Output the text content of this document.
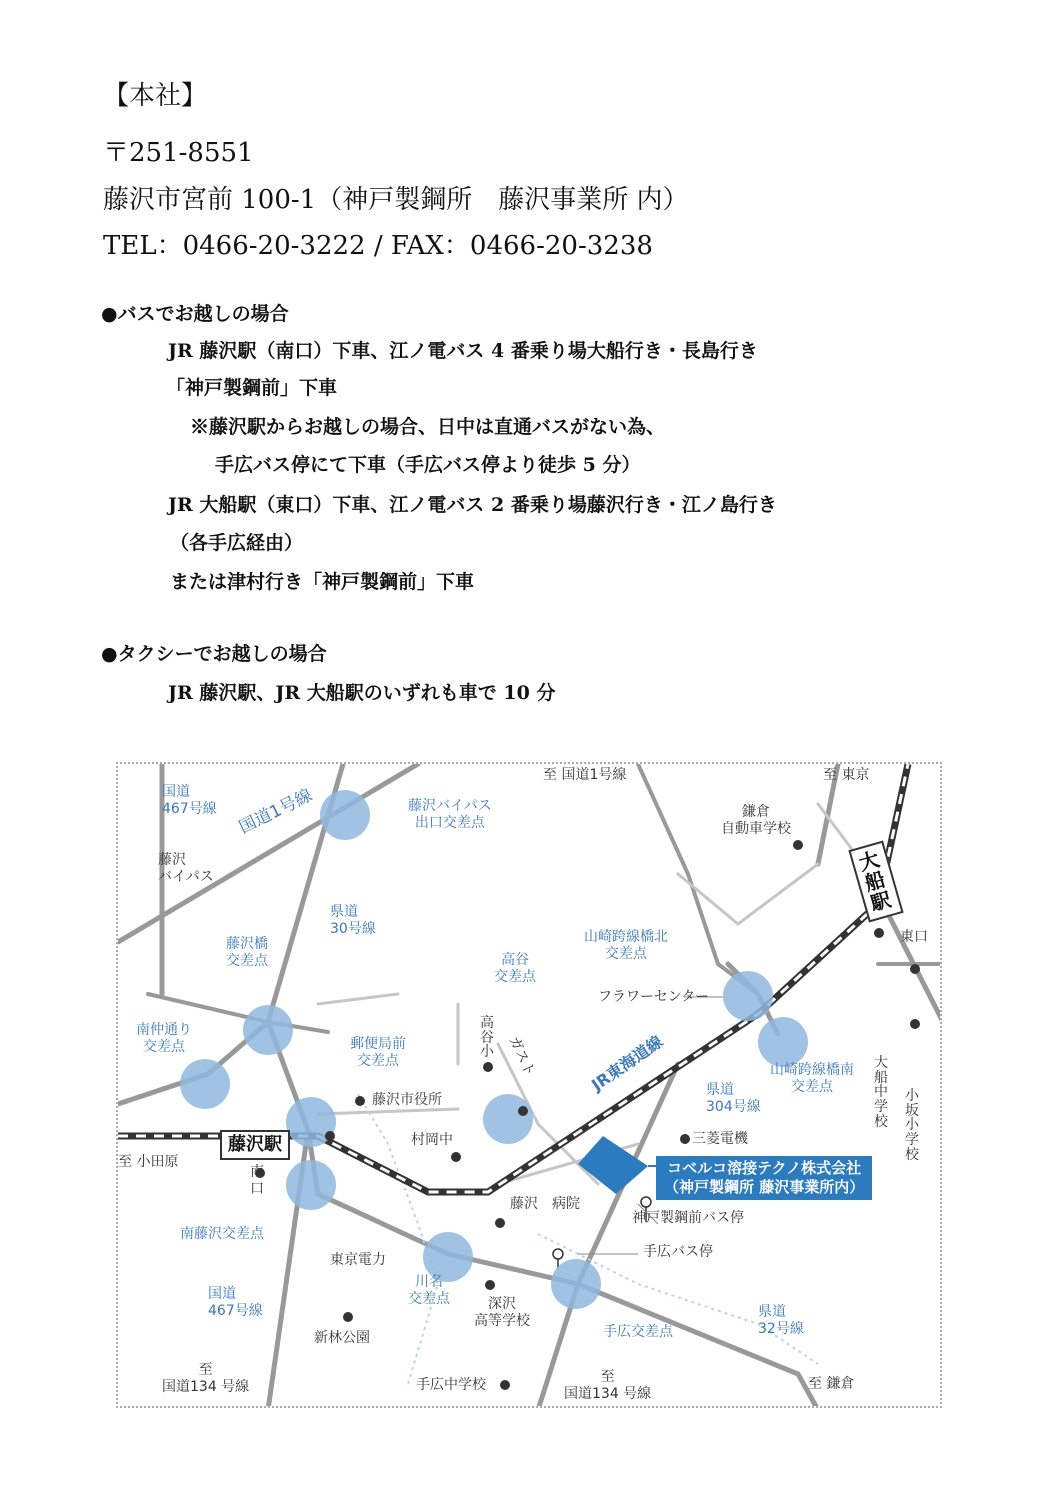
【本社】
〒251-8551
藤沢市宮前 100-1（神戸製鋼所　藤沢事業所 内）
TEL：0466-20-3222 / FAX：0466-20-3238
●バスでお越しの場合
JR 藤沢駅（南口）下車、江ノ電バス 4 番乗り場大船行き・長島行き
「神戸製鋼前」下車
※藤沢駅からお越しの場合、日中は直通バスがない為、
手広バス停にて下車（手広バス停より徒歩 5 分）
JR 大船駅（東口）下車、江ノ電バス 2 番乗り場藤沢行き・江ノ島行き
（各手広経由）
または津村行き「神戸製鋼前」下車
●タクシーでお越しの場合
JR 藤沢駅、JR 大船駅のいずれも車で 10 分
国道
467号線 国道1号線
藤沢
バイパス
県道
30号線
至 国道1号線	至 東京
至 小田原
国道
467号線
至
国道134 号線
至
国道134 号線
至 鎌倉
県道
304号線
県道
32号線
JR東海道線
藤沢バイパス
出口交差点
藤沢橋
交差点
南仲通り
交差点	郵便局前
交差点
高谷
交差点
山崎跨線橋北
交差点
山崎跨線橋南
交差点
南藤沢交差点
川名
交差点
手広交差点
鎌倉
自動車学校
東口
フラワーセンター
藤沢市役所
村岡中
高谷小 ガスト
三菱電機
藤沢　病院
東京電力
南
口
深沢
高等学校
新林公園
手広中学校
大船中学校
小坂小学校
神戸製鋼前バス停
手広バス停
藤沢駅
大船駅
コベルコ溶接テクノ株式会社
（神戸製鋼所 藤沢事業所内）
